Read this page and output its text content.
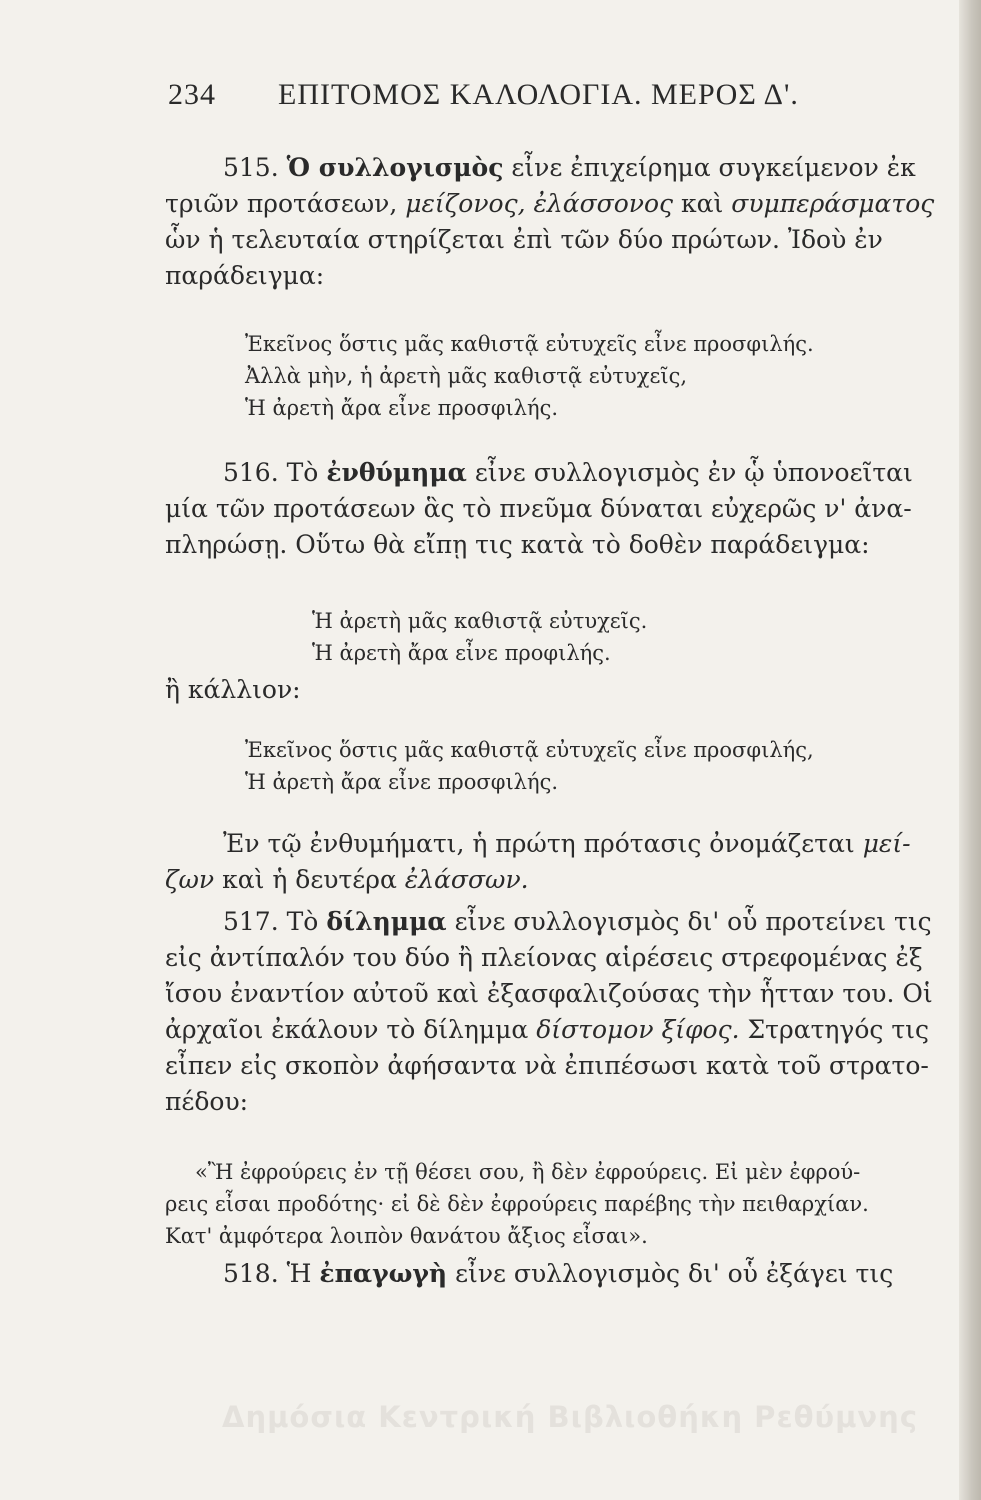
234 ΕΠΙΤΟΜΟΣ ΚΑΛΟΛΟΓΙΑ. ΜΕΡΟΣ Δ'.
515. Ὁ συλλογισμὸς εἶνε ἐπιχείρημα συγκείμενον ἐκ
τριῶν προτάσεων, μείζονος, ἐλάσσονος καὶ συμπεράσματος
ὧν ἡ τελευταία στηρίζεται ἐπὶ τῶν δύο πρώτων. Ἰδοὺ ἐν
παράδειγμα:
Ἐκεῖνος ὅστις μᾶς καθιστᾷ εὐτυχεῖς εἶνε προσφιλής.
Ἀλλὰ μὴν, ἡ ἀρετὴ μᾶς καθιστᾷ εὐτυχεῖς,
Ἡ ἀρετὴ ἄρα εἶνε προσφιλής.
516. Τὸ ἐνθύμημα εἶνε συλλογισμὸς ἐν ᾧ ὑπονοεῖται
μία τῶν προτάσεων ἃς τὸ πνεῦμα δύναται εὐχερῶς ν' ἀνα-
πληρώσῃ. Οὕτω θὰ εἴπῃ τις κατὰ τὸ δοθὲν παράδειγμα:
Ἡ ἀρετὴ μᾶς καθιστᾷ εὐτυχεῖς.
Ἡ ἀρετὴ ἄρα εἶνε προφιλής.
ἢ κάλλιον:
Ἐκεῖνος ὅστις μᾶς καθιστᾷ εὐτυχεῖς εἶνε προσφιλής,
Ἡ ἀρετὴ ἄρα εἶνε προσφιλής.
Ἐν τῷ ἐνθυμήματι, ἡ πρώτη πρότασις ὀνομάζεται μεί-
ζων καὶ ἡ δευτέρα ἐλάσσων.
517. Τὸ δίλημμα εἶνε συλλογισμὸς δι' οὗ προτείνει τις
εἰς ἀντίπαλόν του δύο ἢ πλείονας αἱρέσεις στρεφομένας ἐξ
ἴσου ἐναντίον αὐτοῦ καὶ ἐξασφαλιζούσας τὴν ἧτταν του. Οἱ
ἀρχαῖοι ἐκάλουν τὸ δίλημμα δίστομον ξίφος. Στρατηγός τις
εἶπεν εἰς σκοπὸν ἀφήσαντα νὰ ἐπιπέσωσι κατὰ τοῦ στρατο-
πέδου:
«Ἢ ἐφρούρεις ἐν τῇ θέσει σου, ἢ δὲν ἐφρούρεις. Εἰ μὲν ἐφρού-
ρεις εἶσαι προδότης· εἰ δὲ δὲν ἐφρούρεις παρέβης τὴν πειθαρχίαν.
Κατ' ἀμφότερα λοιπὸν θανάτου ἄξιος εἶσαι».
518. Ἡ ἐπαγωγὴ εἶνε συλλογισμὸς δι' οὗ ἐξάγει τις
Δημόσια Κεντρική Βιβλιοθήκη Ρεθύμνης
